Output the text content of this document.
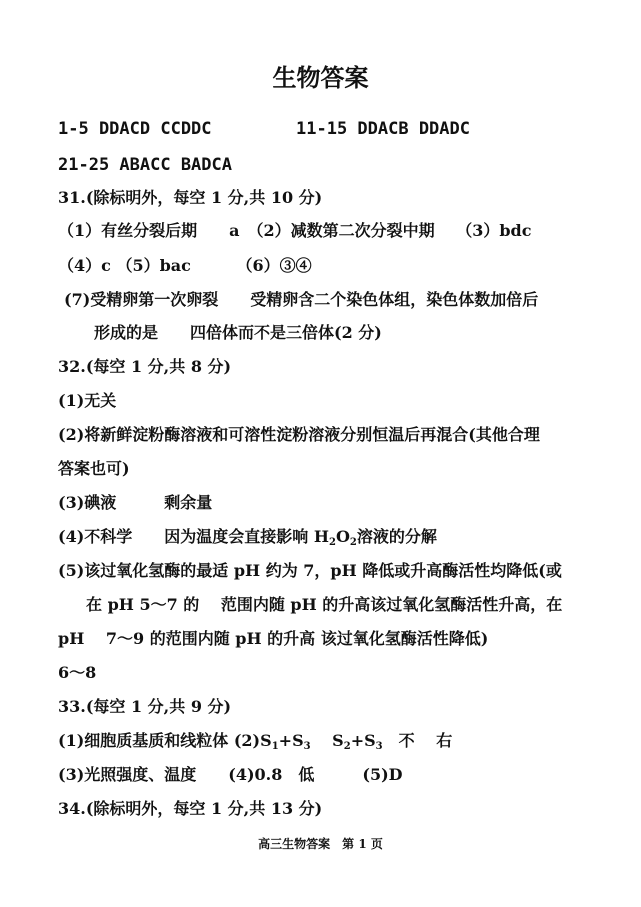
生物答案
1-5 DDACD CCDDC	11-15 DDACB DDADC
21-25 ABACC BADCA
31.(除标明外，每空 1 分,共 10 分)
（1）有丝分裂后期　　a　（2）减数第二次分裂中期　 （3）bdc
（4）c （5）bac 　　　（6）③④
(7)受精卵第一次卵裂　　受精卵含二个染色体组，染色体数加倍后
形成的是　　四倍体而不是三倍体(2 分)
32.(每空 1 分,共 8 分)
(1)无关
(2)将新鲜淀粉酶溶液和可溶性淀粉溶液分别恒温后再混合(其他合理
答案也可)
(3)碘液　　　剩余量
(4)不科学　　因为温度会直接影响 $H_2O_2$溶液的分解
(5)该过氧化氢酶的最适 pH 约为 7，pH 降低或升高酶活性均降低(或
在 pH 5～7 的　 范围内随 pH 的升高该过氧化氢酶活性升高，在
pH　 7～9 的范围内随 pH 的升高 该过氧化氢酶活性降低)
6～8
33.(每空 1 分,共 9 分)
(1)细胞质基质和线粒体 $(2)S_1+S_3$　 $S_2+S_3$　不　 右
(3)光照强度、温度　　(4)0.8　低　　　(5)D
34.(除标明外，每空 1 分,共 13 分)
高三生物答案　第 1 页
